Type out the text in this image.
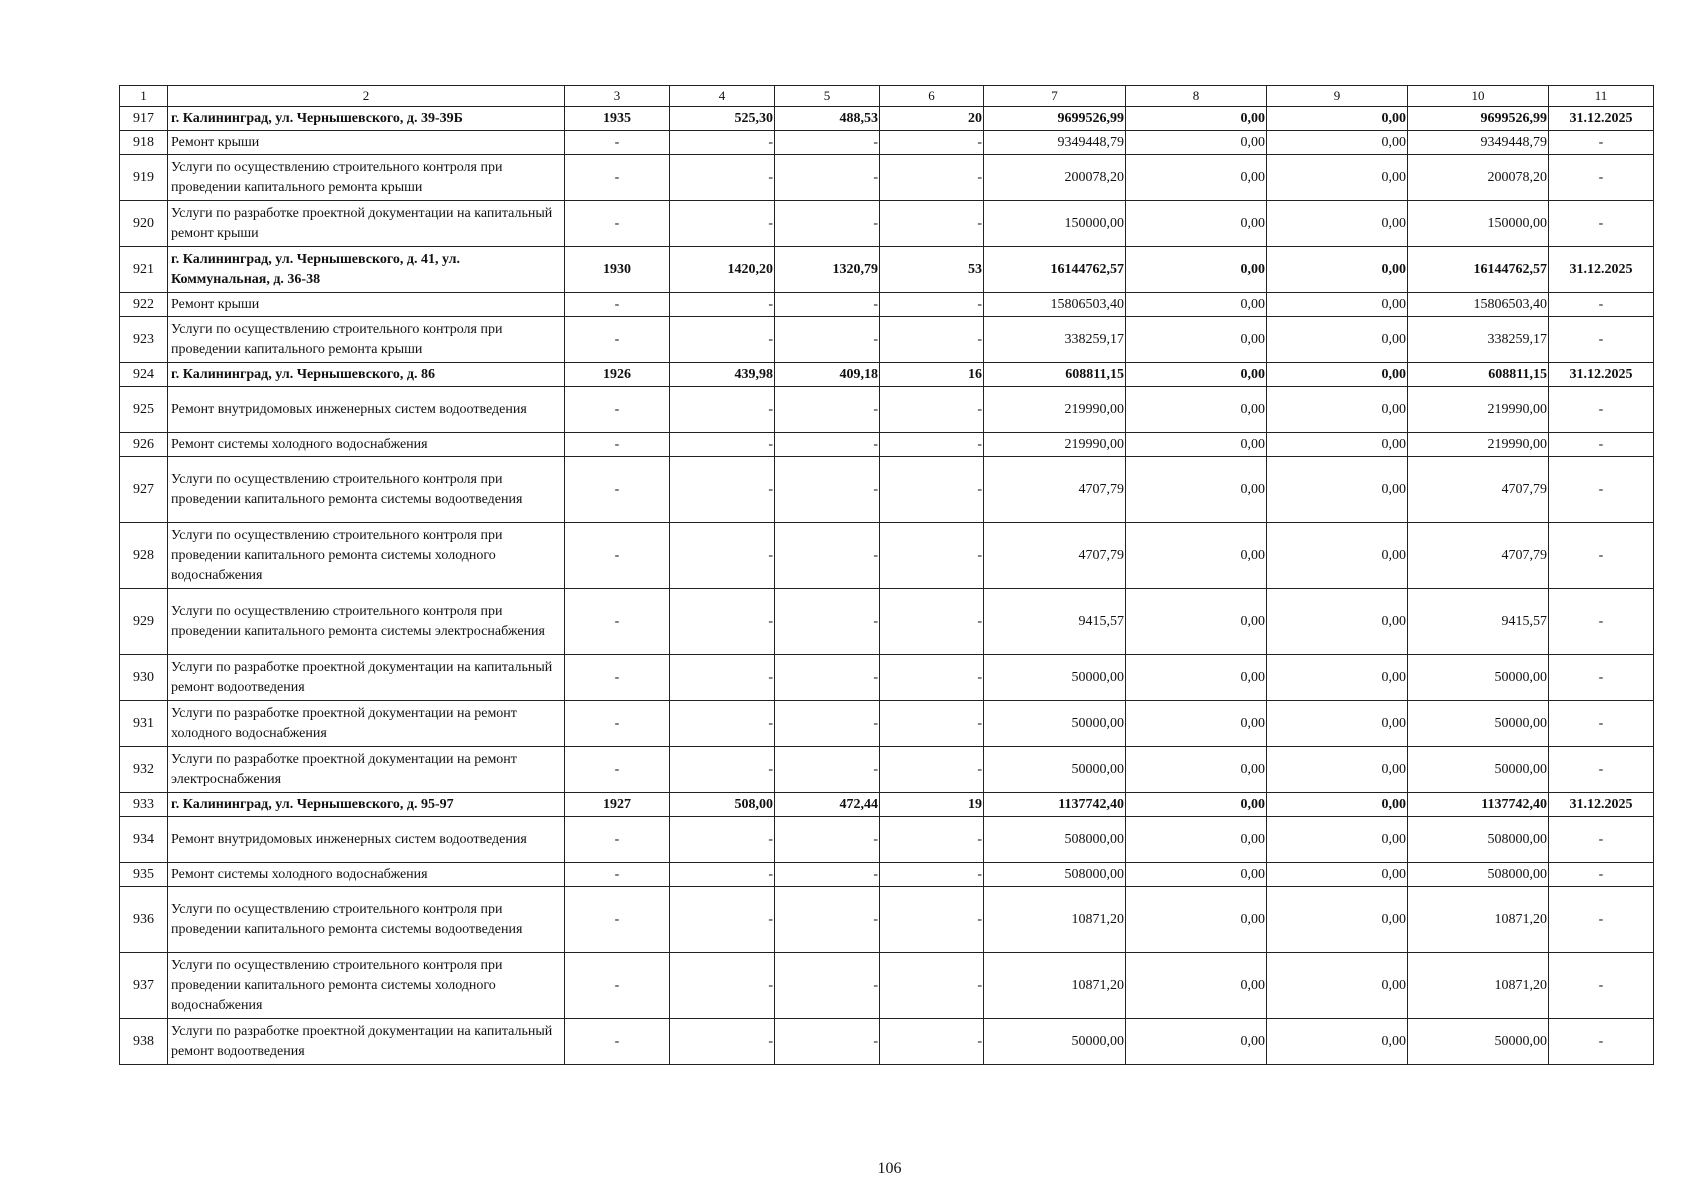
1	2	3	4	5	6	7	8	9	10	11
917	г. Калининград, ул. Чернышевского, д. 39-39Б	1935	525,30	488,53	20	9699526,99	0,00	0,00	9699526,99	31.12.2025
918	Ремонт крыши	-	-	-	-	9349448,79	0,00	0,00	9349448,79	-
919	Услуги по осуществлению строительного контроля при проведении капитального ремонта крыши	-	-	-	-	200078,20	0,00	0,00	200078,20	-
920	Услуги по разработке проектной документации на капитальный ремонт крыши	-	-	-	-	150000,00	0,00	0,00	150000,00	-
921	г. Калининград, ул. Чернышевского, д. 41, ул. Коммунальная, д. 36-38	1930	1420,20	1320,79	53	16144762,57	0,00	0,00	16144762,57	31.12.2025
922	Ремонт крыши	-	-	-	-	15806503,40	0,00	0,00	15806503,40	-
923	Услуги по осуществлению строительного контроля при проведении капитального ремонта крыши	-	-	-	-	338259,17	0,00	0,00	338259,17	-
924	г. Калининград, ул. Чернышевского, д. 86	1926	439,98	409,18	16	608811,15	0,00	0,00	608811,15	31.12.2025
925	Ремонт внутридомовых инженерных систем водоотведения	-	-	-	-	219990,00	0,00	0,00	219990,00	-
926	Ремонт системы холодного водоснабжения	-	-	-	-	219990,00	0,00	0,00	219990,00	-
927	Услуги по осуществлению строительного контроля при проведении капитального ремонта системы водоотведения	-	-	-	-	4707,79	0,00	0,00	4707,79	-
928	Услуги по осуществлению строительного контроля при проведении капитального ремонта системы холодного водоснабжения	-	-	-	-	4707,79	0,00	0,00	4707,79	-
929	Услуги по осуществлению строительного контроля при проведении капитального ремонта системы электроснабжения	-	-	-	-	9415,57	0,00	0,00	9415,57	-
930	Услуги по разработке проектной документации на капитальный ремонт водоотведения	-	-	-	-	50000,00	0,00	0,00	50000,00	-
931	Услуги по разработке проектной документации на ремонт холодного водоснабжения	-	-	-	-	50000,00	0,00	0,00	50000,00	-
932	Услуги по разработке проектной документации на ремонт электроснабжения	-	-	-	-	50000,00	0,00	0,00	50000,00	-
933	г. Калининград, ул. Чернышевского, д. 95-97	1927	508,00	472,44	19	1137742,40	0,00	0,00	1137742,40	31.12.2025
934	Ремонт внутридомовых инженерных систем водоотведения	-	-	-	-	508000,00	0,00	0,00	508000,00	-
935	Ремонт системы холодного водоснабжения	-	-	-	-	508000,00	0,00	0,00	508000,00	-
936	Услуги по осуществлению строительного контроля при проведении капитального ремонта системы водоотведения	-	-	-	-	10871,20	0,00	0,00	10871,20	-
937	Услуги по осуществлению строительного контроля при проведении капитального ремонта системы холодного водоснабжения	-	-	-	-	10871,20	0,00	0,00	10871,20	-
938	Услуги по разработке проектной документации на капитальный ремонт водоотведения	-	-	-	-	50000,00	0,00	0,00	50000,00	-
106
